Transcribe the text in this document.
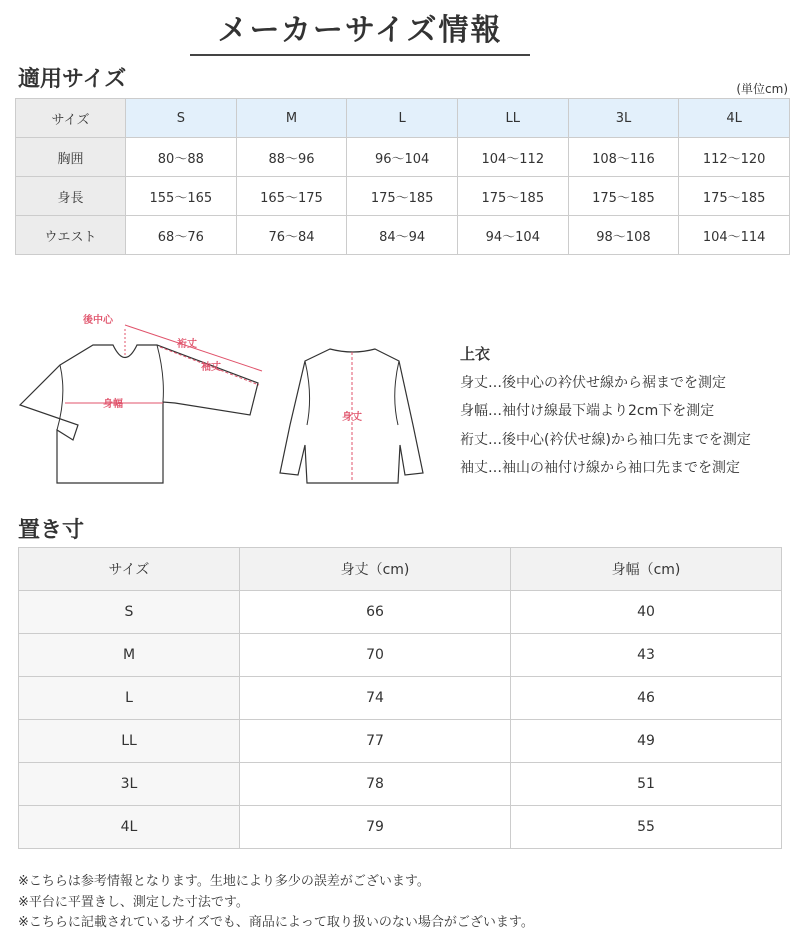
メーカーサイズ情報
適用サイズ	(単位cm)
サイズ	S	M	L	LL	3L	4L
胸囲	80〜88	88〜96	96〜104	104〜112	108〜116	112〜120
身長	155〜165	165〜175	175〜185	175〜185	175〜185	175〜185
ウエスト	68〜76	76〜84	84〜94	94〜104	98〜108	104〜114
後中心
裄丈
袖丈
身幅
身丈
上衣
身丈…後中心の衿伏せ線から裾までを測定
身幅…袖付け線最下端より2cm下を測定
裄丈…後中心(衿伏せ線)から袖口先までを測定
袖丈…袖山の袖付け線から袖口先までを測定
置き寸
サイズ	身丈（cm)	身幅（cm)
S	66	40
M	70	43
L	74	46
LL	77	49
3L	78	51
4L	79	55
※こちらは参考情報となります。生地により多少の誤差がございます。
※平台に平置きし、測定した寸法です。
※こちらに記載されているサイズでも、商品によって取り扱いのない場合がございます。
